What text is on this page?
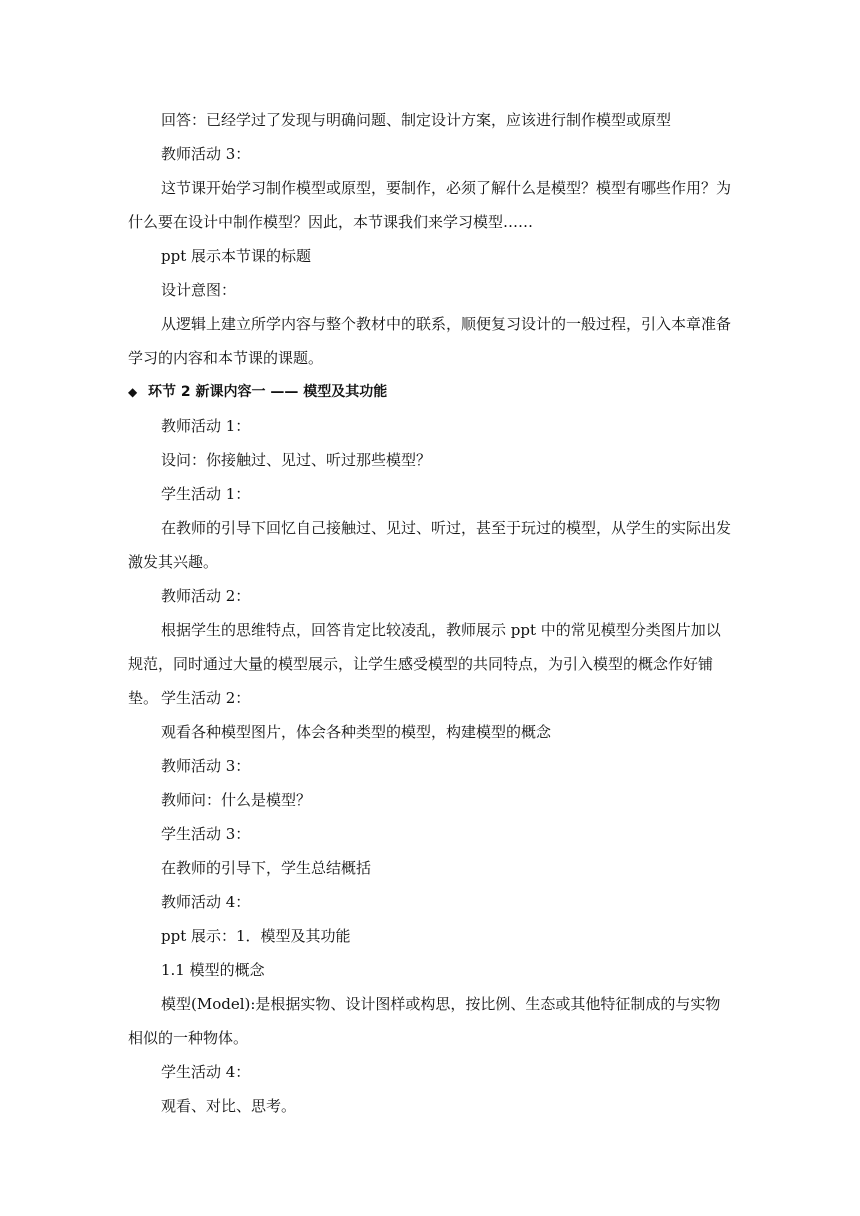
回答：已经学过了发现与明确问题、制定设计方案，应该进行制作模型或原型

教师活动 3：

这节课开始学习制作模型或原型，要制作，必须了解什么是模型？模型有哪些作用？为什么要在设计中制作模型？因此，本节课我们来学习模型……

ppt 展示本节课的标题

设计意图：

从逻辑上建立所学内容与整个教材中的联系，顺便复习设计的一般过程，引入本章准备学习的内容和本节课的课题。

◆ 环节 2 新课内容一 —— 模型及其功能

教师活动 1：

设问：你接触过、见过、听过那些模型？

学生活动 1：

在教师的引导下回忆自己接触过、见过、听过，甚至于玩过的模型，从学生的实际出发激发其兴趣。

教师活动 2：

根据学生的思维特点，回答肯定比较凌乱，教师展示 ppt 中的常见模型分类图片加以规范，同时通过大量的模型展示，让学生感受模型的共同特点，为引入模型的概念作好铺垫。 学生活动 2：

观看各种模型图片，体会各种类型的模型，构建模型的概念

教师活动 3：

教师问：什么是模型？

学生活动 3：

在教师的引导下，学生总结概括

教师活动 4：

ppt 展示：1．模型及其功能

1.1 模型的概念

模型(Model):是根据实物、设计图样或构思，按比例、生态或其他特征制成的与实物相似的一种物体。

学生活动 4：

观看、对比、思考。
